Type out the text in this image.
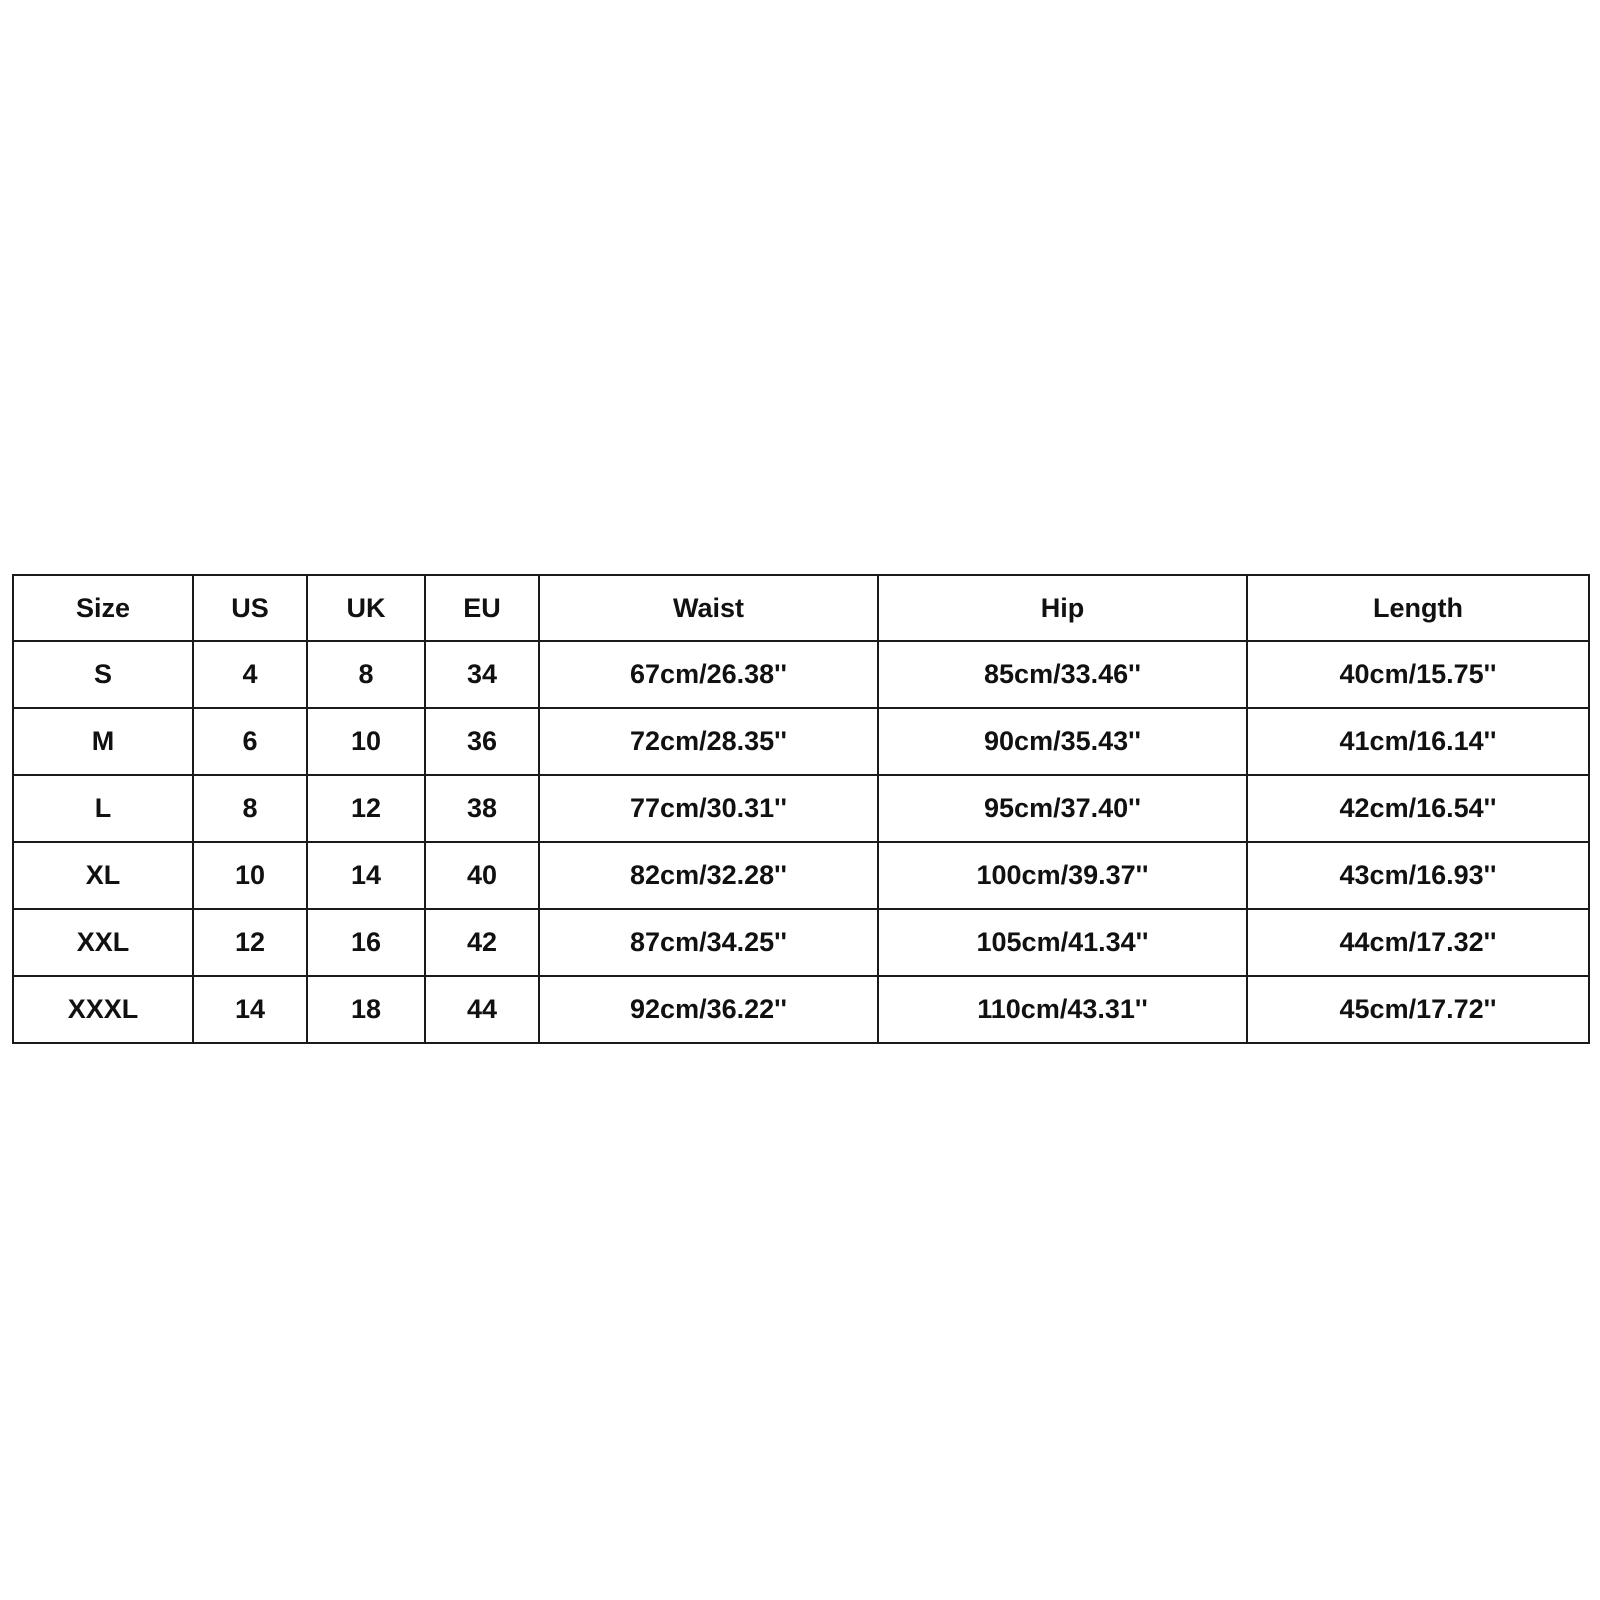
Size	US	UK	EU	Waist	Hip	Length
S	4	8	34	67cm/26.38''	85cm/33.46''	40cm/15.75''
M	6	10	36	72cm/28.35''	90cm/35.43''	41cm/16.14''
L	8	12	38	77cm/30.31''	95cm/37.40''	42cm/16.54''
XL	10	14	40	82cm/32.28''	100cm/39.37''	43cm/16.93''
XXL	12	16	42	87cm/34.25''	105cm/41.34''	44cm/17.32''
XXXL	14	18	44	92cm/36.22''	110cm/43.31''	45cm/17.72''
